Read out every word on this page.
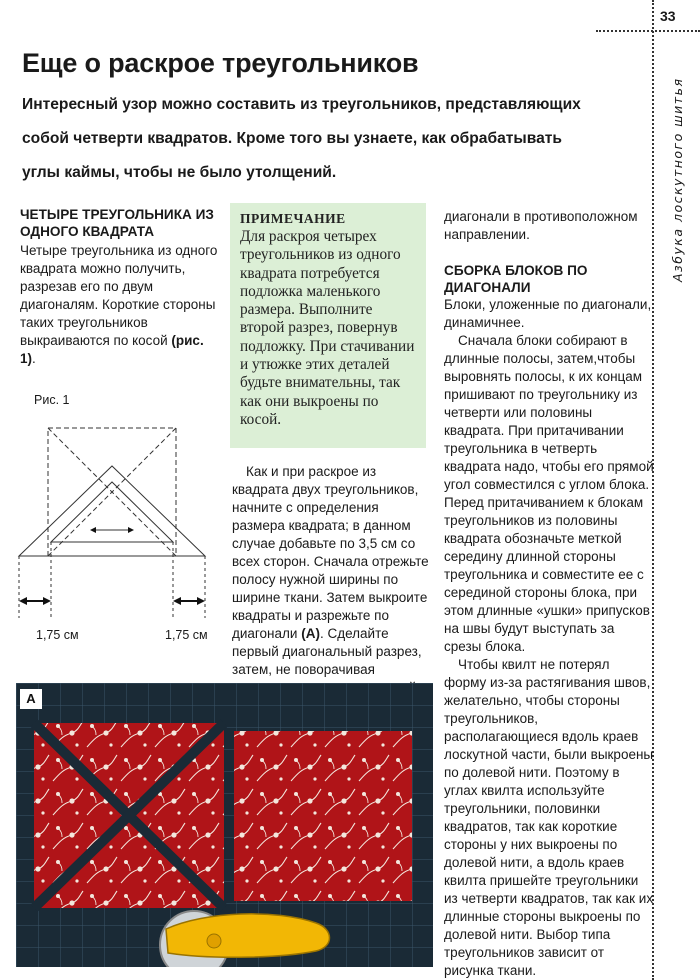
33
Азбука лоскутного шитья
Еще о раскрое треугольников

Интересный узор можно составить из треугольников, представляющих собой четверти квадратов. Кроме того вы узнаете, как обрабатывать углы каймы, чтобы не было утолщений.

ЧЕТЫРЕ ТРЕУГОЛЬНИКА ИЗ ОДНОГО КВАДРАТА

Четыре треугольника из одного квадрата можно получить, разрезав его по двум диагоналям. Короткие стороны таких треугольников выкраиваются по косой (рис. 1).

Рис. 1
1,75 см	1,75 см
ПРИМЕЧАНИЕ

Для раскроя четырех треугольников из одного квадрата потребуется подложка маленького размера. Выполните второй разрез, повернув подложку. При стачивании и утюжке этих деталей будьте внимательны, так как они выкроены по косой.

Как и при раскрое из квадрата двух треугольников, начните с определения размера квадрата; в данном случае добавьте по 3,5 см со всех сторон. Сначала отрежьте полосу нужной ширины по ширине ткани. Затем выкроите квадраты и разрежьте по диагонали (А). Сделайте первый диагональный разрез, затем, не поворачивая

диагонали в противоположном направлении.

СБОРКА БЛОКОВ ПО ДИАГОНАЛИ

Блоки, уложенные по диагонали, динамичнее.

Сначала блоки собирают в длинные полосы, затем,чтобы выровнять полосы, к их концам пришивают по треугольнику из четверти или половины квадрата. При притачивании треугольника в четверть квадрата надо, чтобы его прямой угол совместился с углом блока. Перед притачиванием к блокам треугольников из половины квадрата обозначьте меткой середину длинной стороны треугольника и совместите ее с серединой стороны блока, при этом длинные «ушки» припусков на швы будут выступать за срезы блока.

Чтобы квилт не потерял форму из-за растягивания швов, желательно, чтобы стороны треугольников, располагающиеся вдоль краев лоскутной части, были выкроены по долевой нити. Поэтому в углах квилта используйте треугольники, половинки квадратов, так как короткие стороны у них выкроены по долевой нити, а вдоль краев квилта пришейте треугольники из четверти квадратов, так как их длинные стороны выкроены по долевой нити. Выбор типа треугольников зависит от рисунка ткани.

А
